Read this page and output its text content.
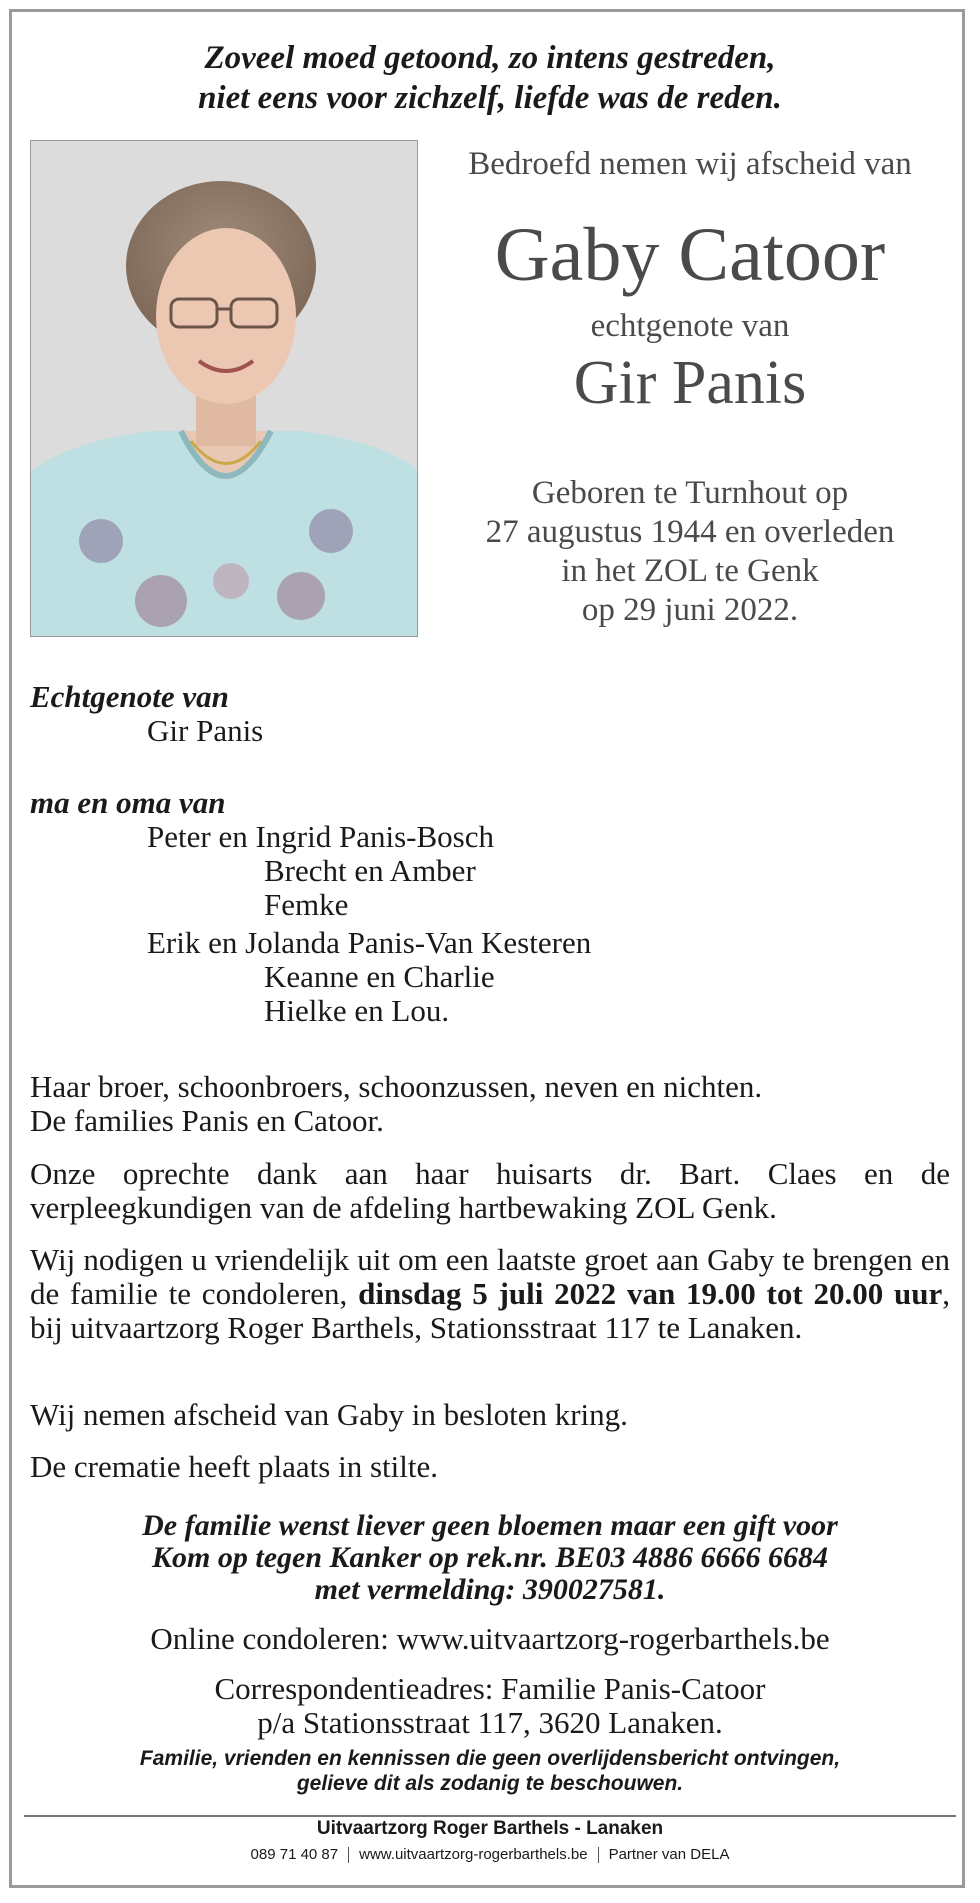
Zoveel moed getoond, zo intens gestreden,
niet eens voor zichzelf, liefde was de reden.
Bedroefd nemen wij afscheid van
Gaby Catoor
echtgenote van
Gir Panis
Geboren te Turnhout op
27 augustus 1944 en overleden
in het ZOL te Genk
op 29 juni 2022.
Echtgenote van
Gir Panis
ma en oma van
Peter en Ingrid Panis-Bosch
Brecht en Amber
Femke
Erik en Jolanda Panis-Van Kesteren
Keanne en Charlie
Hielke en Lou.
Haar broer, schoonbroers, schoonzussen, neven en nichten.
De families Panis en Catoor.
Onze oprechte dank aan haar huisarts dr. Bart. Claes en de verpleegkundigen van de afdeling hartbewaking ZOL Genk.
Wij nodigen u vriendelijk uit om een laatste groet aan Gaby te brengen en de familie te condoleren, dinsdag 5 juli 2022 van 19.00 tot 20.00 uur, bij uitvaartzorg Roger Barthels, Stationsstraat 117 te Lanaken.
Wij nemen afscheid van Gaby in besloten kring.
De crematie heeft plaats in stilte.
De familie wenst liever geen bloemen maar een gift voor
Kom op tegen Kanker op rek.nr. BE03 4886 6666 6684
met vermelding: 390027581.
Online condoleren: www.uitvaartzorg-rogerbarthels.be
Correspondentieadres: Familie Panis-Catoor
p/a Stationsstraat 117, 3620 Lanaken.
Familie, vrienden en kennissen die geen overlijdensbericht ontvingen,
gelieve dit als zodanig te beschouwen.
Uitvaartzorg Roger Barthels - Lanaken
089 71 40 87 www.uitvaartzorg-rogerbarthels.be Partner van DELA
